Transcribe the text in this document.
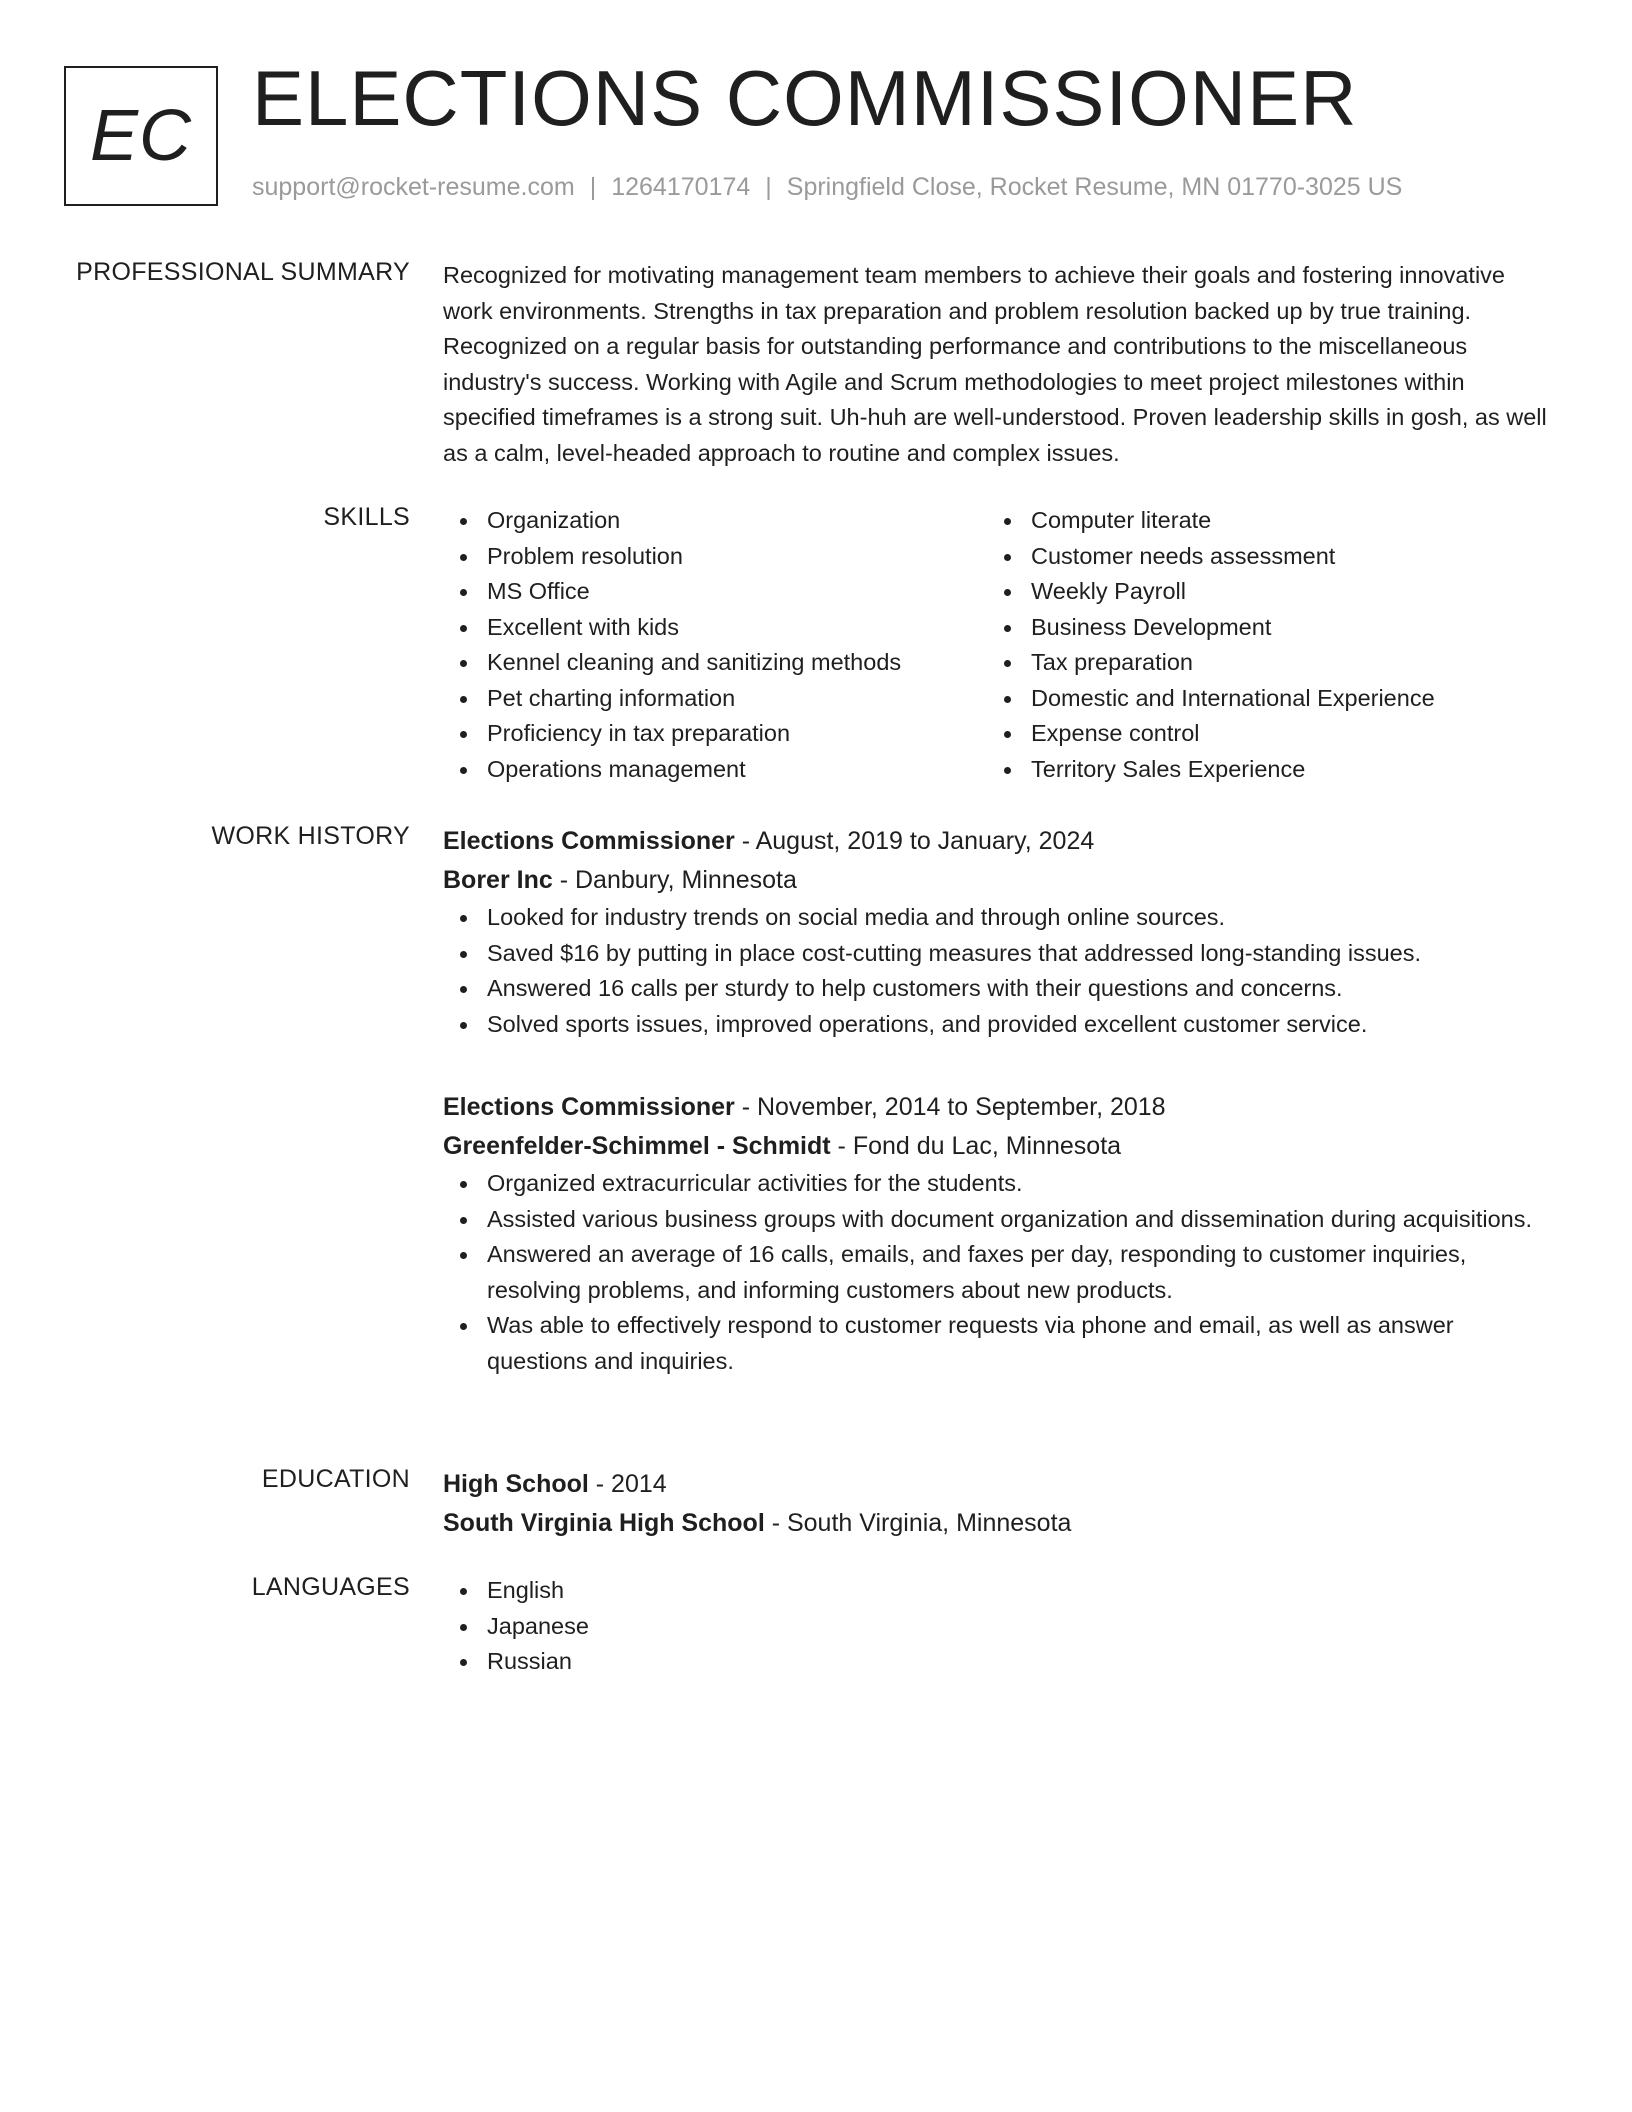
EC ELECTIONS COMMISSIONER
support@rocket-resume.com | 1264170174 | Springfield Close, Rocket Resume, MN 01770-3025 US
PROFESSIONAL SUMMARY Recognized for motivating management team members to achieve their goals and fostering innovative work environments. Strengths in tax preparation and problem resolution backed up by true training. Recognized on a regular basis for outstanding performance and contributions to the miscellaneous industry's success. Working with Agile and Scrum methodologies to meet project milestones within specified timeframes is a strong suit. Uh-huh are well-understood. Proven leadership skills in gosh, as well as a calm, level-headed approach to routine and complex issues.

SKILLS	Organization
Problem resolution
MS Office
Excellent with kids
Kennel cleaning and sanitizing methods
Pet charting information
Proficiency in tax preparation
Operations management
Computer literate
Customer needs assessment
Weekly Payroll
Business Development
Tax preparation
Domestic and International Experience
Expense control
Territory Sales Experience
WORK HISTORY Elections Commissioner - August, 2019 to January, 2024
Borer Inc - Danbury, Minnesota
Looked for industry trends on social media and through online sources.
Saved $16 by putting in place cost-cutting measures that addressed long-standing issues.
Answered 16 calls per sturdy to help customers with their questions and concerns.
Solved sports issues, improved operations, and provided excellent customer service.
Elections Commissioner - November, 2014 to September, 2018
Greenfelder-Schimmel - Schmidt - Fond du Lac, Minnesota
Organized extracurricular activities for the students.
Assisted various business groups with document organization and dissemination during acquisitions.
Answered an average of 16 calls, emails, and faxes per day, responding to customer inquiries, resolving problems, and informing customers about new products.
Was able to effectively respond to customer requests via phone and email, as well as answer questions and inquiries.
EDUCATION High School - 2014
South Virginia High School - South Virginia, Minnesota
LANGUAGES	English
Japanese
Russian
